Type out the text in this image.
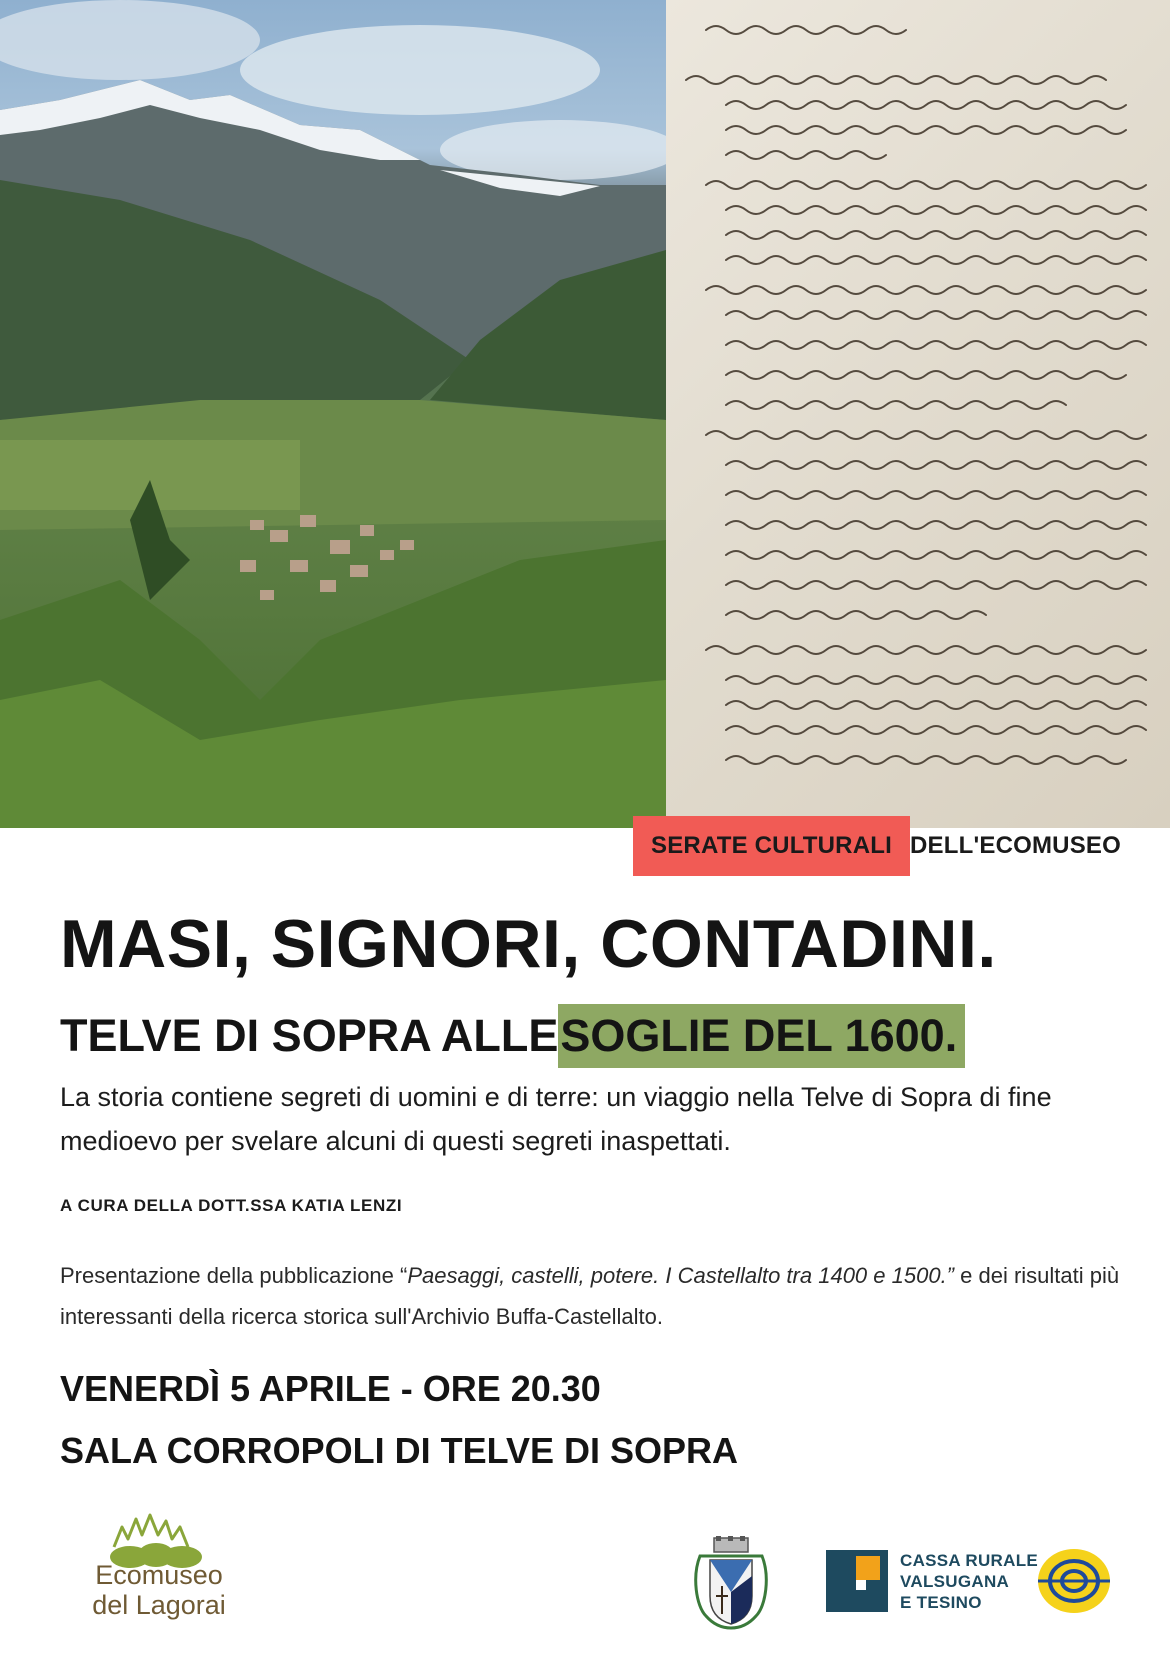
SERATE CULTURALI DELL'ECOMUSEO
MASI, SIGNORI, CONTADINI.
TELVE DI SOPRA ALLE SOGLIE DEL 1600.
La storia contiene segreti di uomini e di terre: un viaggio nella Telve di Sopra di fine medioevo per svelare alcuni di questi segreti inaspettati.
A CURA DELLA DOTT.SSA KATIA LENZI
Presentazione della pubblicazione “Paesaggi, castelli, potere. I Castellalto tra 1400 e 1500.” e dei risultati più interessanti della ricerca storica sull'Archivio Buffa-Castellalto.
VENERDÌ 5 APRILE - ORE 20.30
SALA CORROPOLI DI TELVE DI SOPRA
Ecomuseo
del Lagorai
CASSA RURALE
VALSUGANA
E TESINO
